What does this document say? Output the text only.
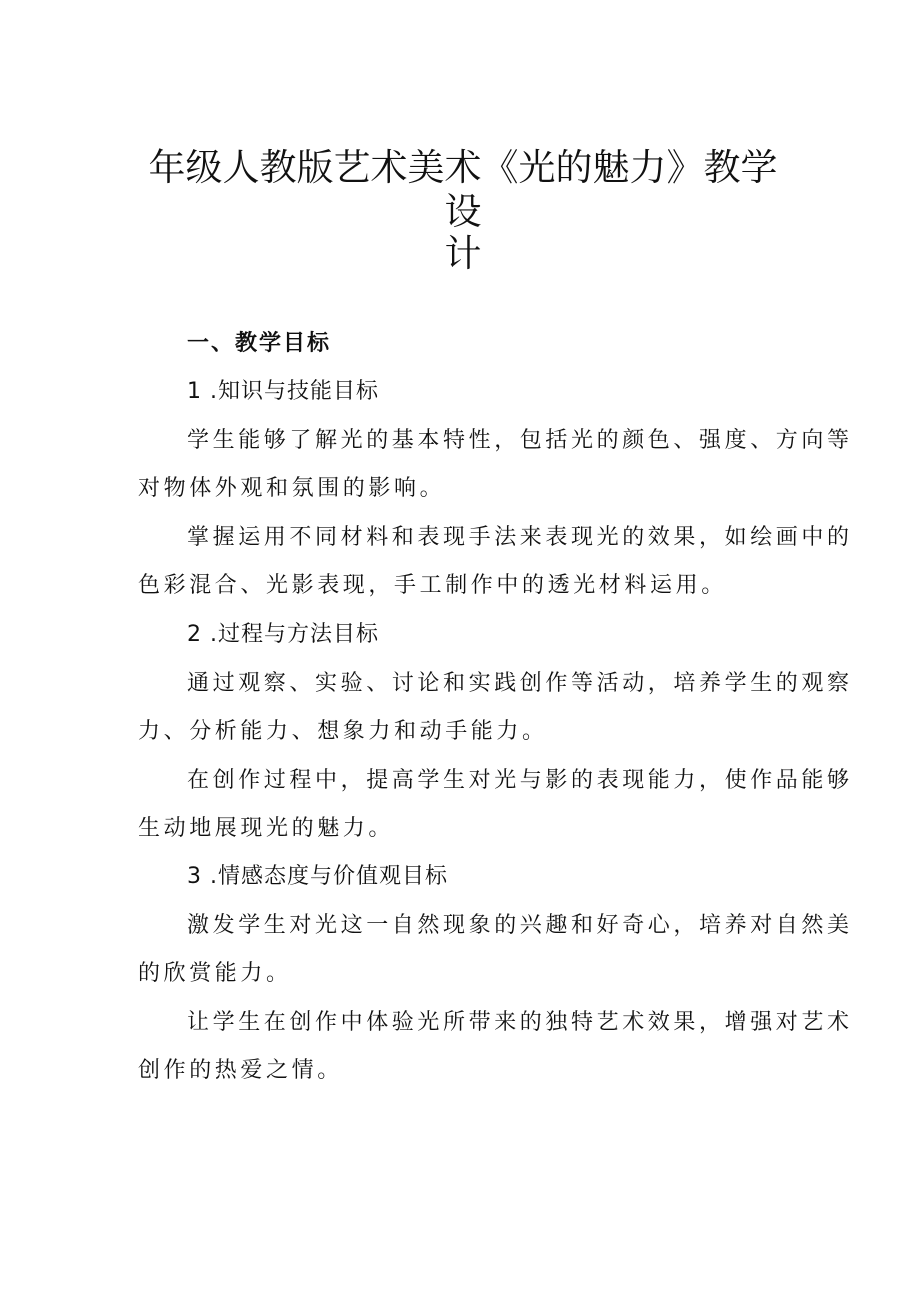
年级人教版艺术美术《光的魅力》教学设
计

一、教学目标

1 .知识与技能目标

学生能够了解光的基本特性，包括光的颜色、强度、方向等

对物体外观和氛围的影响。

掌握运用不同材料和表现手法来表现光的效果，如绘画中的

色彩混合、光影表现，手工制作中的透光材料运用。

2 .过程与方法目标

通过观察、实验、讨论和实践创作等活动，培养学生的观察

力、分析能力、想象力和动手能力。

在创作过程中，提高学生对光与影的表现能力，使作品能够

生动地展现光的魅力。

3 .情感态度与价值观目标

激发学生对光这一自然现象的兴趣和好奇心，培养对自然美

的欣赏能力。

让学生在创作中体验光所带来的独特艺术效果，增强对艺术

创作的热爱之情。
